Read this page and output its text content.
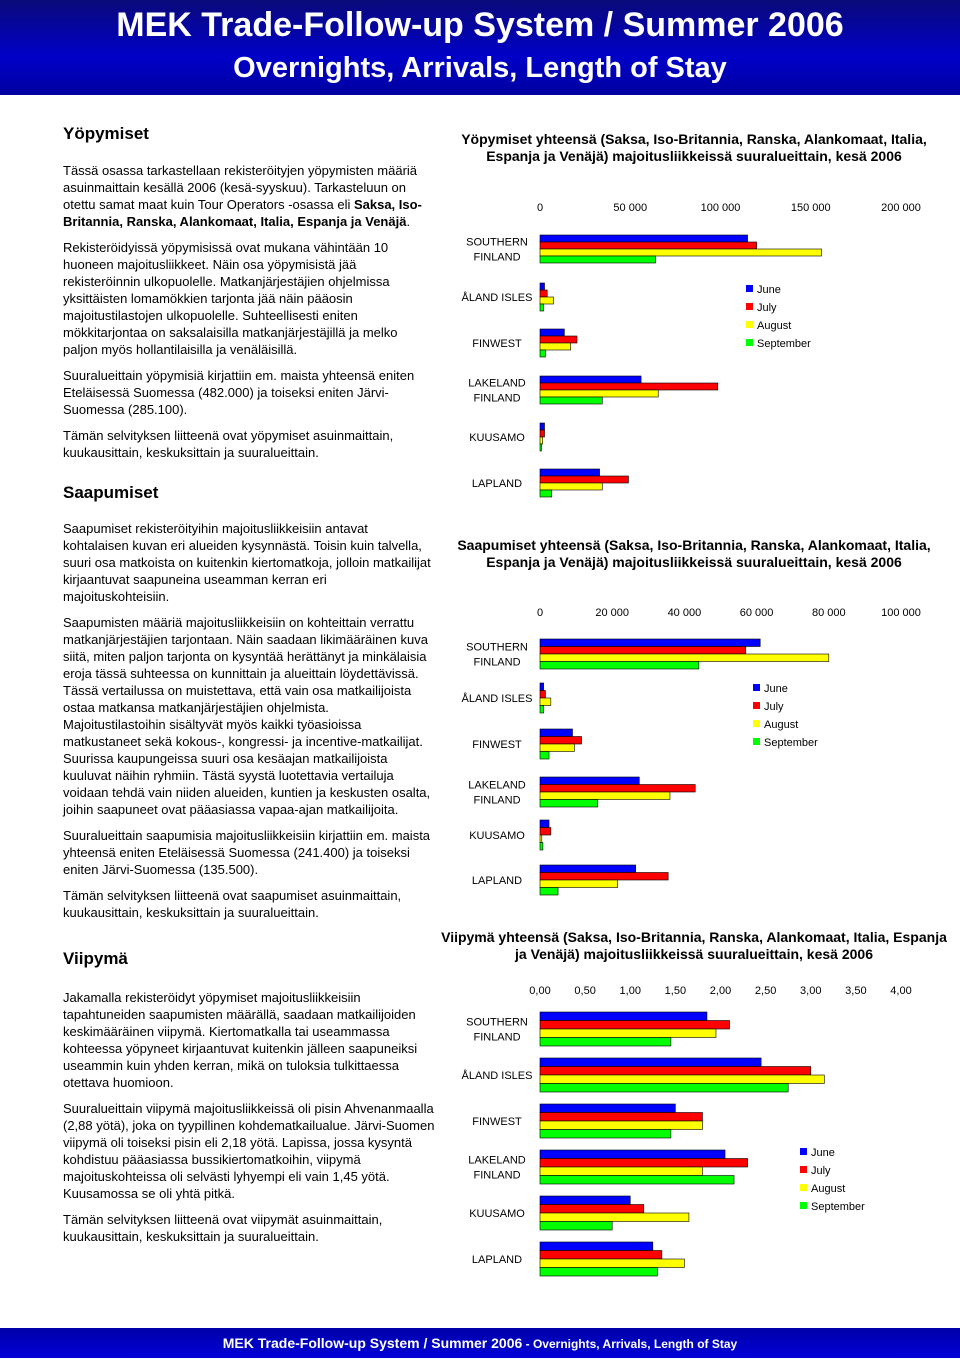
MEK Trade-Follow-up System / Summer 2006
Overnights, Arrivals, Length of Stay
Yöpymiset

Tässä osassa tarkastellaan rekisteröityjen yöpymisten määriä asuinmaittain kesällä 2006 (kesä-syyskuu). Tarkasteluun on otettu samat maat kuin Tour Operators -osassa eli Saksa, Iso-Britannia, Ranska, Alankomaat, Italia, Espanja ja Venäjä.

Rekisteröidyissä yöpymisissä ovat mukana vähintään 10 huoneen majoitusliikkeet. Näin osa yöpymisistä jää rekisteröinnin ulkopuolelle. Matkanjärjestäjien ohjelmissa yksittäisten lomamökkien tarjonta jää näin pääosin majoitustilastojen ulkopuolelle. Suhteellisesti eniten mökkitarjontaa on saksalaisilla matkanjärjestäjillä ja melko paljon myös hollantilaisilla ja venäläisillä.

Suuralueittain yöpymisiä kirjattiin em. maista yhteensä eniten Eteläisessä Suomessa (482.000) ja toiseksi eniten Järvi-Suomessa (285.100).

Tämän selvityksen liitteenä ovat yöpymiset asuinmaittain, kuukausittain, keskuksittain ja suuralueittain.

Saapumiset

Saapumiset rekisteröityihin majoitusliikkeisiin antavat kohtalaisen kuvan eri alueiden kysynnästä. Toisin kuin talvella, suuri osa matkoista on kuitenkin kiertomatkoja, jolloin matkailijat kirjaantuvat saapuneina useamman kerran eri majoituskohteisiin.

Saapumisten määriä majoitusliikkeisiin on kohteittain verrattu matkanjärjestäjien tarjontaan. Näin saadaan likimääräinen kuva siitä, miten paljon tarjonta on kysyntää herättänyt ja minkälaisia eroja tässä suhteessa on kunnittain ja alueittain löydettävissä. Tässä vertailussa on muistettava, että vain osa matkailijoista ostaa matkansa matkanjärjestäjien ohjelmista. Majoitustilastoihin sisältyvät myös kaikki työasioissa matkustaneet sekä kokous-, kongressi- ja incentive-matkailijat. Suurissa kaupungeissa suuri osa kesäajan matkailijoista kuuluvat näihin ryhmiin. Tästä syystä luotettavia vertailuja voidaan tehdä vain niiden alueiden, kuntien ja keskusten osalta, joihin saapuneet ovat pääasiassa vapaa-ajan matkailijoita.

Suuralueittain saapumisia majoitusliikkeisiin kirjattiin em. maista yhteensä eniten Eteläisessä Suomessa (241.400) ja toiseksi eniten Järvi-Suomessa (135.500).

Tämän selvityksen liitteenä ovat saapumiset asuinmaittain, kuukausittain, keskuksittain ja suuralueittain.

Viipymä

Jakamalla rekisteröidyt yöpymiset majoitusliikkeisiin tapahtuneiden saapumisten määrällä, saadaan matkailijoiden keskimääräinen viipymä. Kiertomatkalla tai useammassa kohteessa yöpyneet kirjaantuvat kuitenkin jälleen saapuneiksi useammin kuin yhden kerran, mikä on tuloksia tulkittaessa otettava huomioon.

Suuralueittain viipymä majoitusliikkeissä oli pisin Ahvenanmaalla (2,88 yötä), joka on tyypillinen kohdematkailualue. Järvi-Suomen viipymä oli toiseksi pisin eli 2,18 yötä. Lapissa, jossa kysyntä kohdistuu pääasiassa bussikiertomatkoihin, viipymä majoituskohteissa oli selvästi lyhyempi eli vain 1,45 yötä. Kuusamossa se oli yhtä pitkä.

Tämän selvityksen liitteenä ovat viipymät asuinmaittain, kuukausittain, keskuksittain ja suuralueittain.

Yöpymiset yhteensä (Saksa, Iso-Britannia, Ranska, Alankomaat, Italia, Espanja ja Venäjä) majoitusliikkeissä suuralueittain, kesä 2006
Saapumiset yhteensä (Saksa, Iso-Britannia, Ranska, Alankomaat, Italia, Espanja ja Venäjä) majoitusliikkeissä suuralueittain, kesä 2006
Viipymä yhteensä (Saksa, Iso-Britannia, Ranska, Alankomaat, Italia, Espanja ja Venäjä) majoitusliikkeissä suuralueittain, kesä 2006
0	50 000	100 000	150 000	200 000
SOUTHERN
FINLAND
ÅLAND ISLES
FINWEST
LAKELAND
FINLAND
KUUSAMO
LAPLAND
June
July
August
September
0	20 000	40 000	60 000	80 000	100 000
SOUTHERN
FINLAND
ÅLAND ISLES
FINWEST
LAKELAND
FINLAND
KUUSAMO
LAPLAND
June
July
August
September
0,00 0,50 1,00 1,50 2,00 2,50 3,00 3,50 4,00
SOUTHERN
FINLAND
ÅLAND ISLES
FINWEST
LAKELAND
FINLAND
KUUSAMO
LAPLAND
June
July
August
September
MEK Trade-Follow-up System / Summer 2006 - Overnights, Arrivals, Length of Stay
